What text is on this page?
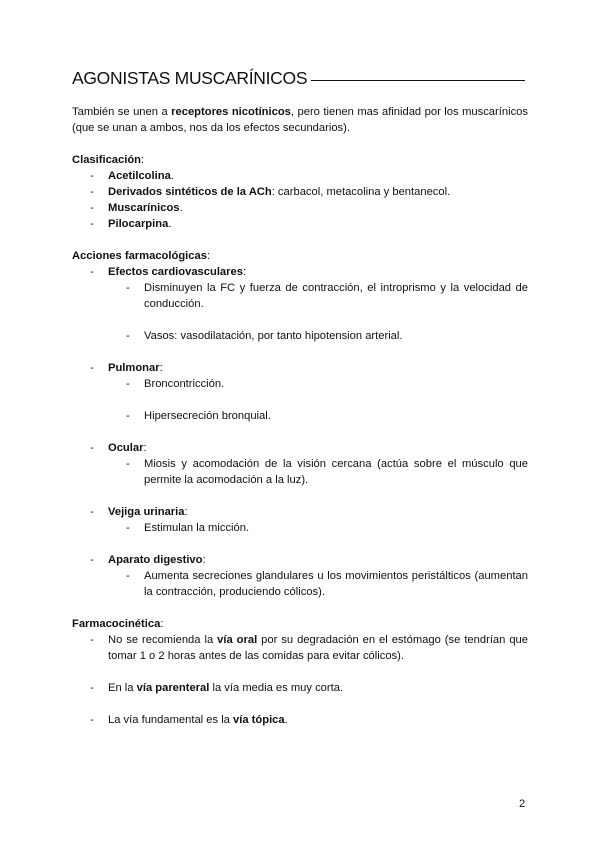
AGONISTAS MUSCARÍNICOS

También se unen a receptores nicotínicos, pero tienen mas afinidad por los muscarínicos (que se unan a ambos, nos da los efectos secundarios).

Clasificación:

- Acetilcolina.

- Derivados sintéticos de la ACh: carbacol, metacolina y bentanecol.

- Muscarínicos.

- Pilocarpina.

Acciones farmacológicas:

- Efectos cardiovasculares:

- Disminuyen la FC y fuerza de contracción, el introprismo y la velocidad de conducción.

- Vasos: vasodilatación, por tanto hipotension arterial.

- Pulmonar:

- Broncontricción.

- Hipersecreción bronquial.

- Ocular:

- Miosis y acomodación de la visión cercana (actúa sobre el músculo que permite la acomodación a la luz).

- Vejiga urinaria:

- Estimulan la micción.

- Aparato digestivo:

- Aumenta secreciones glandulares u los movimientos peristálticos (aumentan la contracción, produciendo cólicos).

Farmacocinética:

- No se recomienda la vía oral por su degradación en el estómago (se tendrían que tomar 1 o 2 horas antes de las comidas para evitar cólicos).

- En la vía parenteral la vía media es muy corta.

- La vía fundamental es la vía tópica.

2
